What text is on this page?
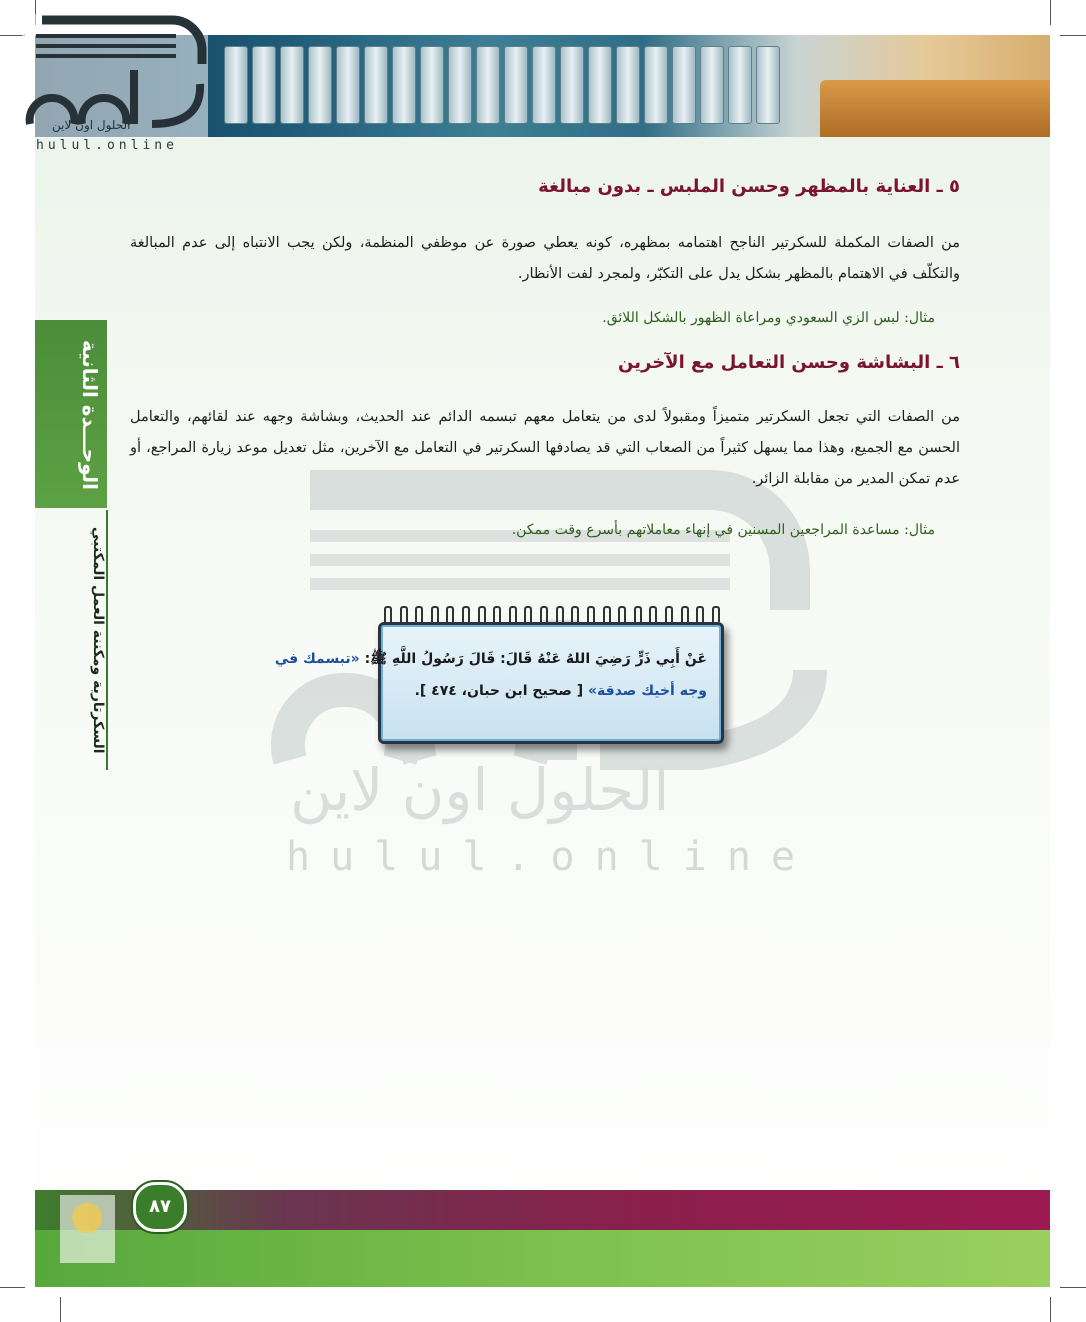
الحلول اون لاين
hulul.online
الوحـــدة الثانية
السكرتارية ومكننة العمل المكتبي
الحلول اون لاين
hulul.online
٥ ـ العناية بالمظهر وحسن الملبس ـ بدون مبالغة
من الصفات المكملة للسكرتير الناجح اهتمامه بمظهره، كونه يعطي صورة عن موظفي المنظمة، ولكن يجب الانتباه إلى عدم المبالغة والتكلّف في الاهتمام بالمظهر بشكل يدل على التكبّر، ولمجرد لفت الأنظار.
مثال: لبس الزي السعودي ومراعاة الظهور بالشكل اللائق.
٦ ـ البشاشة وحسن التعامل مع الآخرين
من الصفات التي تجعل السكرتير متميزاً ومقبولاً لدى من يتعامل معهم تبسمه الدائم عند الحديث، وبشاشة وجهه عند لقائهم، والتعامل الحسن مع الجميع، وهذا مما يسهل كثيراً من الصعاب التي قد يصادفها السكرتير في التعامل مع الآخرين، مثل تعديل موعد زيارة المراجع، أو عدم تمكن المدير من مقابلة الزائر.
مثال: مساعدة المراجعين المسنين في إنهاء معاملاتهم بأسرع وقت ممكن.
عَنْ أَبِي ذَرٍّ رَضِيَ اللهُ عَنْهُ قَالَ: قَالَ رَسُولُ اللَّهِ ﷺ: «تبسمك في
وجه أخيك صدقة» [ صحيح ابن حبان، ٤٧٤ ].
٨٧
